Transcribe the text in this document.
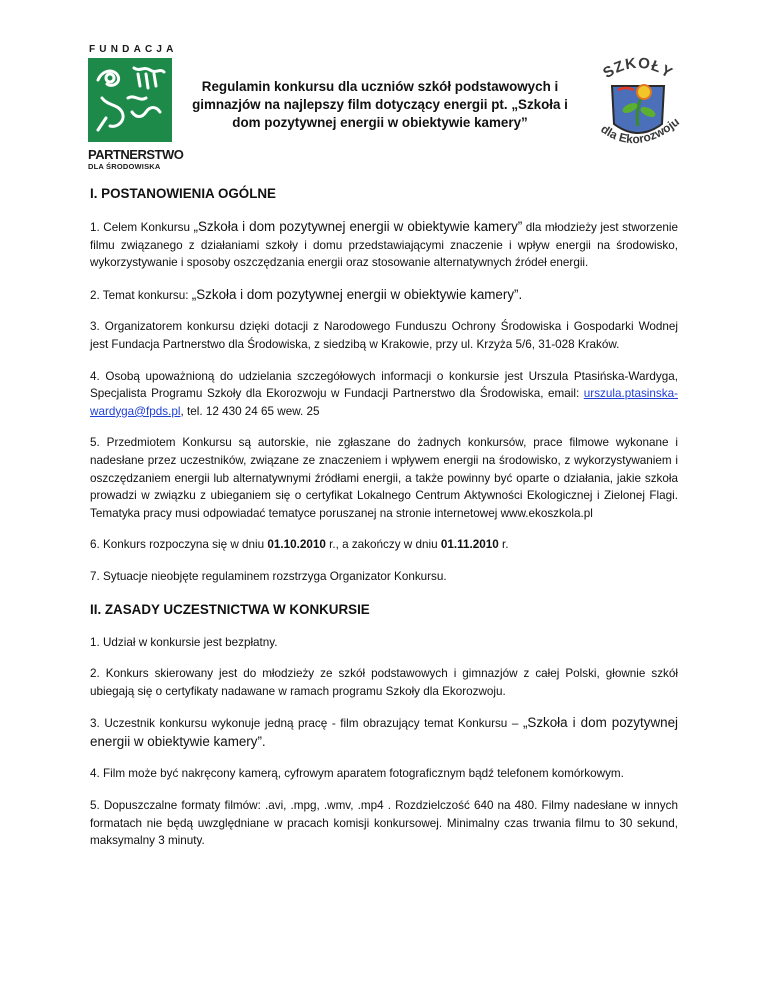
FUNDACJA
PARTNERSTWO
DLA ŚRODOWISKA
Regulamin konkursu dla uczniów szkół podstawowych i gimnazjów na najlepszy film dotyczący energii pt. „Szkoła i dom pozytywnej energii w obiektywie kamery”
SZKOŁY
dla Ekorozwoju
I. POSTANOWIENIA OGÓLNE

1. Celem Konkursu „Szkoła i dom pozytywnej energii w obiektywie kamery” dla młodzieży jest stworzenie filmu związanego z działaniami szkoły i domu przedstawiającymi znaczenie i wpływ energii na środowisko, wykorzystywanie i sposoby oszczędzania energii oraz stosowanie alternatywnych źródeł energii.

2. Temat konkursu: „Szkoła i dom pozytywnej energii w obiektywie kamery”.

3. Organizatorem konkursu dzięki dotacji z Narodowego Funduszu Ochrony Środowiska i Gospodarki Wodnej jest Fundacja Partnerstwo dla Środowiska, z siedzibą w Krakowie, przy ul. Krzyża 5/6, 31-028 Kraków.

4. Osobą upoważnioną do udzielania szczegółowych informacji o konkursie jest Urszula Ptasińska-Wardyga, Specjalista Programu Szkoły dla Ekorozwoju w Fundacji Partnerstwo dla Środowiska, email: urszula.ptasinska-wardyga@fpds.pl, tel. 12 430 24 65 wew. 25

5. Przedmiotem Konkursu są autorskie, nie zgłaszane do żadnych konkursów, prace filmowe wykonane i nadesłane przez uczestników, związane ze znaczeniem i wpływem energii na środowisko, z wykorzystywaniem i oszczędzaniem energii lub alternatywnymi źródłami energii, a także powinny być oparte o działania, jakie szkoła prowadzi w związku z ubieganiem się o certyfikat Lokalnego Centrum Aktywności Ekologicznej i Zielonej Flagi. Tematyka pracy musi odpowiadać tematyce poruszanej na stronie internetowej www.ekoszkola.pl

6. Konkurs rozpoczyna się w dniu 01.10.2010 r., a zakończy w dniu 01.11.2010 r.

7. Sytuacje nieobjęte regulaminem rozstrzyga Organizator Konkursu.

II. ZASADY UCZESTNICTWA W KONKURSIE

1. Udział w konkursie jest bezpłatny.

2. Konkurs skierowany jest do młodzieży ze szkół podstawowych i gimnazjów z całej Polski, głownie szkół ubiegają się o certyfikaty nadawane w ramach programu Szkoły dla Ekorozwoju.

3. Uczestnik konkursu wykonuje jedną pracę - film obrazujący temat Konkursu – „Szkoła i dom pozytywnej energii w obiektywie kamery”.

4. Film może być nakręcony kamerą, cyfrowym aparatem fotograficznym bądź telefonem komórkowym.

5. Dopuszczalne formaty filmów: .avi, .mpg, .wmv, .mp4 . Rozdzielczość 640 na 480. Filmy nadesłane w innych formatach nie będą uwzględniane w pracach komisji konkursowej. Minimalny czas trwania filmu to 30 sekund, maksymalny 3 minuty.
